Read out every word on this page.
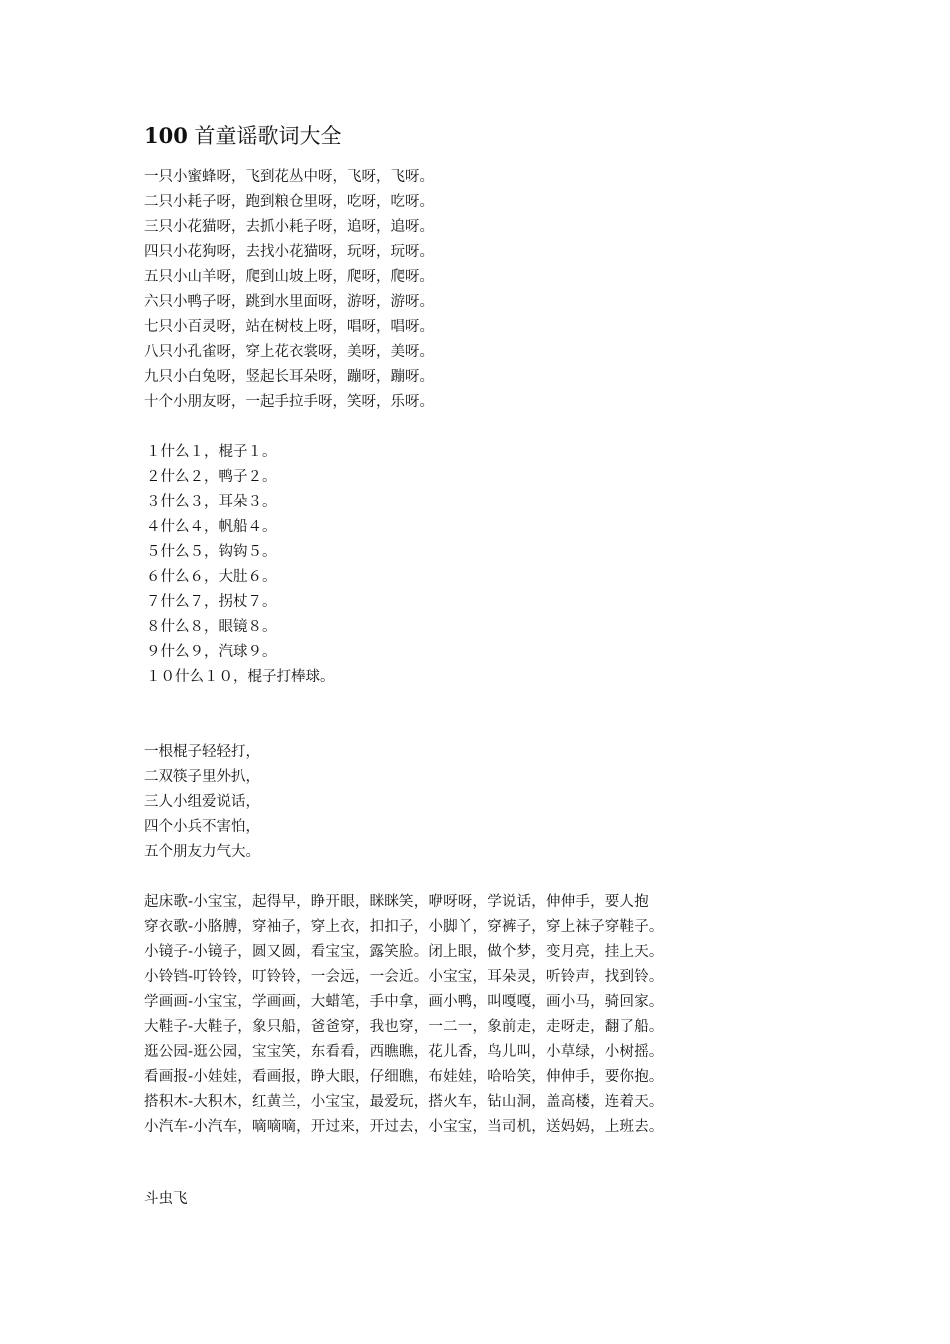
100 首童谣歌词大全
一只小蜜蜂呀，飞到花丛中呀，飞呀，飞呀。
二只小耗子呀，跑到粮仓里呀，吃呀，吃呀。
三只小花猫呀，去抓小耗子呀，追呀，追呀。
四只小花狗呀，去找小花猫呀，玩呀，玩呀。
五只小山羊呀，爬到山坡上呀，爬呀，爬呀。
六只小鸭子呀，跳到水里面呀，游呀，游呀。
七只小百灵呀，站在树枝上呀，唱呀，唱呀。
八只小孔雀呀，穿上花衣裳呀，美呀，美呀。
九只小白兔呀，竖起长耳朵呀，蹦呀，蹦呀。
十个小朋友呀，一起手拉手呀，笑呀，乐呀。
１什么１，棍子１。
２什么２，鸭子２。
３什么３，耳朵３。
４什么４，帆船４。
５什么５，钩钩５。
６什么６，大肚６。
７什么７，拐杖７。
８什么８，眼镜８。
９什么９，汽球９。
１０什么１０，棍子打棒球。
一根棍子轻轻打，
二双筷子里外扒，
三人小组爱说话，
四个小兵不害怕，
五个朋友力气大。
起床歌-小宝宝，起得早，睁开眼，眯眯笑，咿呀呀，学说话，伸伸手，要人抱
穿衣歌-小胳膊，穿袖子，穿上衣，扣扣子，小脚丫，穿裤子，穿上袜子穿鞋子。
小镜子-小镜子，圆又圆，看宝宝，露笑脸。闭上眼，做个梦，变月亮，挂上天。
小铃铛-叮铃铃，叮铃铃，一会远，一会近。小宝宝，耳朵灵，听铃声，找到铃。
学画画-小宝宝，学画画，大蜡笔，手中拿，画小鸭，叫嘎嘎，画小马，骑回家。
大鞋子-大鞋子，象只船，爸爸穿，我也穿，一二一，象前走，走呀走，翻了船。
逛公园-逛公园，宝宝笑，东看看，西瞧瞧，花儿香，鸟儿叫，小草绿，小树摇。
看画报-小娃娃，看画报，睁大眼，仔细瞧，布娃娃，哈哈笑，伸伸手，要你抱。
搭积木-大积木，红黄兰，小宝宝，最爱玩，搭火车，钻山洞，盖高楼，连着天。
小汽车-小汽车，嘀嘀嘀，开过来，开过去，小宝宝，当司机，送妈妈，上班去。
斗虫飞
